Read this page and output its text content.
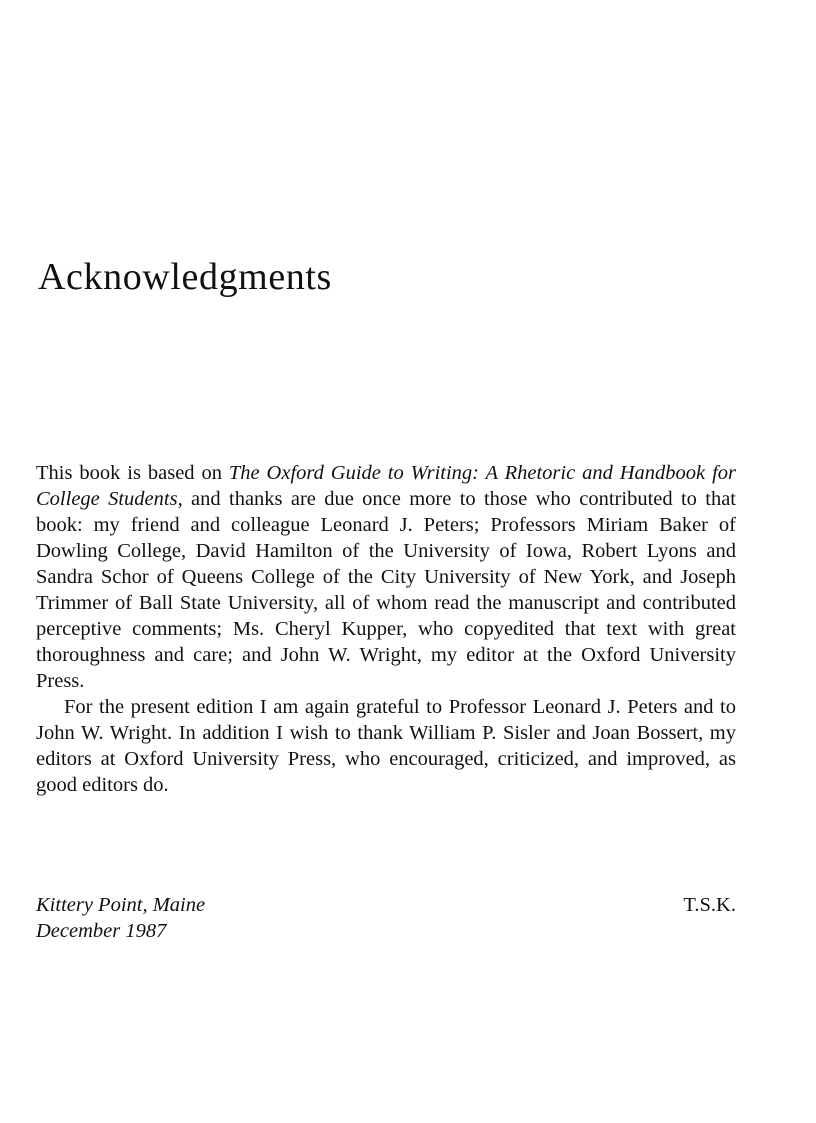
Acknowledgments

This book is based on The Oxford Guide to Writing: A Rhetoric and Handbook for College Students, and thanks are due once more to those who contributed to that book: my friend and colleague Leonard J. Peters; Professors Miriam Baker of Dowling College, David Hamilton of the University of Iowa, Robert Lyons and Sandra Schor of Queens College of the City University of New York, and Joseph Trimmer of Ball State University, all of whom read the manuscript and contributed perceptive comments; Ms. Cheryl Kupper, who copyedited that text with great thoroughness and care; and John W. Wright, my editor at the Oxford University Press.

For the present edition I am again grateful to Professor Leonard J. Peters and to John W. Wright. In addition I wish to thank William P. Sisler and Joan Bossert, my editors at Oxford University Press, who encouraged, criticized, and improved, as good editors do.

Kittery Point, Maine
December 1987
T.S.K.
